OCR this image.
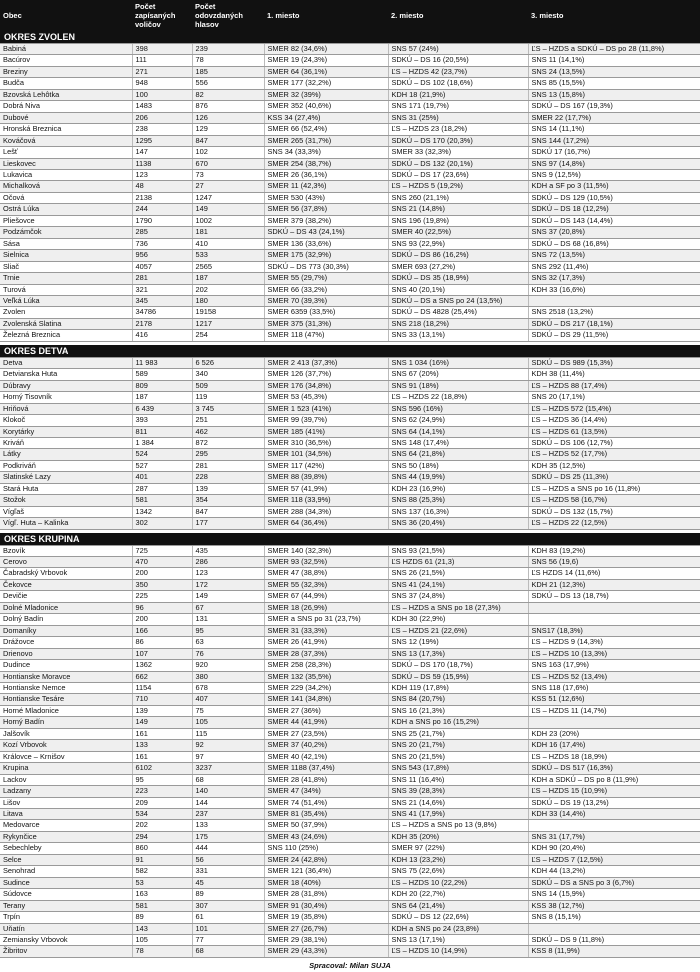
Obec	Počet zapísaných voličov	Počet odovzdaných hlasov	1. miesto	2. miesto	3. miesto
OKRES ZVOLEN					
Babiná	398	239	SMER 82 (34,6%)	SNS 57 (24%)	ĽS – HZDS a SDKÚ – DS po 28 (11,8%)
Bacúrov	111	78	SMER 19 (24,3%)	SDKÚ – DS 16 (20,5%)	SNS 11 (14,1%)
Breziny	271	185	SMER 64 (36,1%)	ĽS – HZDS 42 (23,7%)	SNS 24 (13,5%)
Budča	948	556	SMER 177 (32,2%)	SDKÚ – DS 102 (18,6%)	SNS 85 (15,5%)
Bzovská Lehôtka	100	82	SMER 32 (39%)	KDH 18 (21,9%)	SNS 13 (15,8%)
Dobrá Niva	1483	876	SMER 352 (40,6%)	SNS 171 (19,7%)	SDKÚ – DS 167 (19,3%)
Dubové	206	126	KSS 34 (27,4%)	SNS 31 (25%)	SMER 22 (17,7%)
Hronská Breznica	238	129	SMER 66 (52,4%)	ĽS – HZDS 23 (18,2%)	SNS 14 (11,1%)
Kováčová	1295	847	SMER 265 (31,7%)	SDKÚ – DS 170 (20,3%)	SNS 144 (17,2%)
Lešť	147	102	SNS 34 (33,3%)	SMER 33 (32,3%)	SDKÚ 17 (16,7%)
Lieskovec	1138	670	SMER 254 (38,7%)	SDKÚ – DS 132 (20,1%)	SNS 97 (14,8%)
Lukavica	123	73	SMER 26 (36,1%)	SDKÚ – DS 17 (23,6%)	SNS 9 (12,5%)
Michalková	48	27	SMER 11 (42,3%)	ĽS – HZDS 5 (19,2%)	KDH a SF po 3 (11,5%)
Očová	2138	1247	SMER 530 (43%)	SNS 260 (21,1%)	SDKÚ – DS 129 (10,5%)
Ostrá Lúka	244	149	SMER 56 (37,8%)	SNS 21 (14,8%)	SDKÚ – DS 18 (12,2%)
Pliešovce	1790	1002	SMER 379 (38,2%)	SNS 196 (19,8%)	SDKÚ – DS 143 (14,4%)
Podzámčok	285	181	SDKÚ – DS 43 (24,1%)	SMER 40 (22,5%)	SNS 37 (20,8%)
Sása	736	410	SMER 136 (33,6%)	SNS 93 (22,9%)	SDKÚ – DS 68 (16,8%)
Sielnica	956	533	SMER 175 (32,9%)	SDKÚ – DS 86 (16,2%)	SNS 72 (13,5%)
Sliač	4057	2565	SDKÚ – DS 773 (30,3%)	SMER 693 (27,2%)	SNS 292 (11,4%)
Trnie	281	187	SMER 55 (29,7%)	SDKÚ – DS 35 (18,9%)	SNS 32 (17,3%)
Turová	321	202	SMER 66 (33,2%)	SNS 40 (20,1%)	KDH 33 (16,6%)
Veľká Lúka	345	180	SMER 70 (39,3%)	SDKÚ – DS a SNS po 24 (13,5%)	
Zvolen	34786	19158	SMER 6359 (33,5%)	SDKÚ – DS 4828 (25,4%)	SNS 2518 (13,2%)
Zvolenská Slatina	2178	1217	SMER 375 (31,3%)	SNS 218 (18,2%)	SDKÚ – DS 217 (18,1%)
Železná Breznica	416	254	SMER 118 (47%)	SNS 33 (13,1%)	SDKÚ – DS 29 (11,5%)

OKRES DETVA					
Detva	11 983	6 526	SMER 2 413 (37,3%)	SNS 1 034 (16%)	SDKÚ – DS 989 (15,3%)
Detvianska Huta	589	340	SMER 126 (37,7%)	SNS 67 (20%)	KDH 38 (11,4%)
Dúbravy	809	509	SMER 176 (34,8%)	SNS 91 (18%)	ĽS – HZDS 88 (17,4%)
Horný Tisovník	187	119	SMER 53 (45,3%)	ĽS – HZDS 22 (18,8%)	SNS 20 (17,1%)
Hriňová	6 439	3 745	SMER 1 523 (41%)	SNS 596 (16%)	ĽS – HZDS 572 (15,4%)
Klokoč	393	251	SMER 99 (39,7%)	SNS 62 (24,9%)	ĽS – HZDS 36 (14,4%)
Korytárky	811	462	SMER 185 (41%)	SNS 64 (14,1%)	ĽS – HZDS 61 (13,5%)
Kriváň	1 384	872	SMER 310 (36,5%)	SNS 148 (17,4%)	SDKÚ – DS 106 (12,7%)
Látky	524	295	SMER 101 (34,5%)	SNS 64 (21,8%)	ĽS – HZDS 52 (17,7%)
Podkriváň	527	281	SMER 117 (42%)	SNS 50 (18%)	KDH 35 (12,5%)
Slatinské Lazy	401	228	SMER 88 (39,8%)	SNS 44 (19,9%)	SDKÚ – DS 25 (11,3%)
Stará Huta	287	139	SMER 57 (41,9%)	KDH 23 (16,9%)	ĽS – HZDS a SNS po 16 (11,8%)
Stožok	581	354	SMER 118 (33,9%)	SNS 88 (25,3%)	ĽS – HZDS 58 (16,7%)
Vígľaš	1342	847	SMER 288 (34,3%)	SNS 137 (16,3%)	SDKÚ – DS 132 (15,7%)
Vígľ. Huta – Kalinka	302	177	SMER 64 (36,4%)	SNS 36 (20,4%)	ĽS – HZDS 22 (12,5%)

OKRES KRUPINA					
Bzovík	725	435	SMER 140 (32,3%)	SNS 93 (21,5%)	KDH 83 (19,2%)
Cerovo	470	286	SMER 93 (32,5%)	ĽS HZDS 61 (21,3)	SNS 56 (19,6)
Čabradský Vrbovok	200	123	SMER 47 (38,8%)	SNS 26 (21,5%)	ĽS HZDS 14 (11,6%)
Čekovce	350	172	SMER 55 (32,3%)	SNS 41 (24,1%)	KDH 21 (12,3%)
Devičie	225	149	SMER 67 (44,9%)	SNS 37 (24,8%)	SDKÚ – DS 13 (18,7%)
Dolné Mladonice	96	67	SMER 18 (26,9%)	ĽS – HZDS a SNS po 18 (27,3%)	
Dolný Badín	200	131	SMER a SNS po 31 (23,7%)	KDH 30 (22,9%)	
Domaníky	166	95	SMER 31 (33,3%)	ĽS – HZDS 21 (22,6%)	SNS17 (18,3%)
Drážovce	86	63	SMER 26 (41,9%)	SNS 12 (19%)	ĽS – HZDS 9 (14,3%)
Drienovo	107	76	SMER 28 (37,3%)	SNS 13 (17,3%)	ĽS – HZDS 10 (13,3%)
Dudince	1362	920	SMER 258 (28,3%)	SDKÚ – DS 170 (18,7%)	SNS 163 (17,9%)
Hontianske Moravce	662	380	SMER 132 (35,5%)	SDKÚ – DS 59 (15,9%)	ĽS – HZDS 52 (13,4%)
Hontianske Nemce	1154	678	SMER 229 (34,2%)	KDH 119 (17,8%)	SNS 118 (17,6%)
Hontianske Tesáre	710	407	SMER 141 (34,8%)	SNS 84 (20,7%)	KSS 51 (12,6%)
Horné Mladonice	139	75	SMER 27 (36%)	SNS 16 (21,3%)	ĽS – HZDS 11 (14,7%)
Horný Badín	149	105	SMER 44 (41,9%)	KDH a SNS po 16 (15,2%)	
Jalšovík	161	115	SMER 27 (23,5%)	SNS 25 (21,7%)	KDH 23 (20%)
Kozí Vrbovok	133	92	SMER 37 (40,2%)	SNS 20 (21,7%)	KDH 16 (17,4%)
Královce – Krnišov	161	97	SMER 40 (42,1%)	SNS 20 (21,5%)	ĽS – HZDS 18 (18,9%)
Krupina	6102	3237	SMER 1188 (37,4%)	SNS 543 (17,8%)	SDKÚ – DS 517 (16,3%)
Lackov	95	68	SMER 28 (41,8%)	SNS 11 (16,4%)	KDH a SDKÚ – DS po 8 (11,9%)
Ladzany	223	140	SMER 47 (34%)	SNS 39 (28,3%)	ĽS – HZDS 15 (10,9%)
Lišov	209	144	SMER 74 (51,4%)	SNS 21 (14,6%)	SDKÚ – DS 19 (13,2%)
Litava	534	237	SMER 81 (35,4%)	SNS 41 (17,9%)	KDH 33 (14,4%)
Medovarce	202	133	SMER 50 (37,9%)	ĽS – HZDS a SNS po 13 (9,8%)	
Rykynčice	294	175	SMER 43 (24,6%)	KDH 35 (20%)	SNS 31 (17,7%)
Sebechleby	860	444	SNS 110 (25%)	SMER 97 (22%)	KDH 90 (20,4%)
Selce	91	56	SMER 24 (42,8%)	KDH 13 (23,2%)	ĽS – HZDS 7 (12,5%)
Senohrad	582	331	SMER 121 (36,4%)	SNS 75 (22,6%)	KDH 44 (13,2%)
Sudince	53	45	SMER 18 (40%)	ĽS – HZDS 10 (22,2%)	SDKÚ – DS a SNS po 3 (6,7%)
Súdovce	163	89	SMER 28 (31,8%)	KDH 20 (22,7%)	SNS 14 (15,9%)
Terany	581	307	SMER 91 (30,4%)	SNS 64 (21,4%)	KSS 38 (12,7%)
Trpín	89	61	SMER 19 (35,8%)	SDKÚ – DS 12 (22,6%)	SNS 8 (15,1%)
Uňatín	143	101	SMER 27 (26,7%)	KDH a SNS po 24 (23,8%)	
Zemiansky Vrbovok	105	77	SMER 29 (38,1%)	SNS 13 (17,1%)	SDKÚ – DS 9 (11,8%)
Žibritov	78	68	SMER 29 (43,3%)	ĽS – HZDS 10 (14,9%)	KSS 8 (11,9%)
Spracoval: Milan SUJA
